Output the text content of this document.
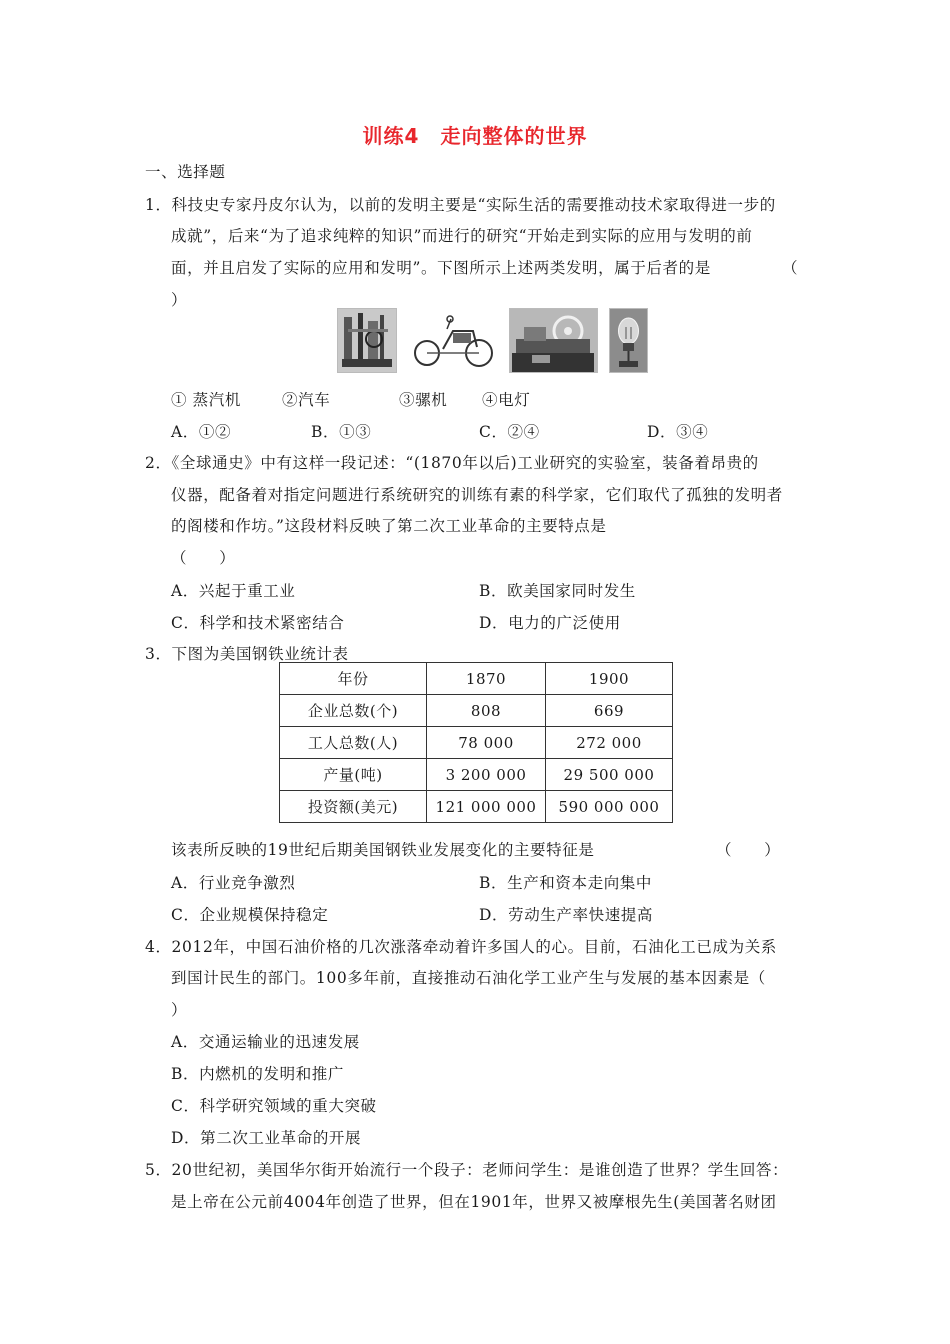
训练4　走向整体的世界
一、选择题
1．科技史专家丹皮尔认为，以前的发明主要是“实际生活的需要推动技术家取得进一步的
成就”，后来“为了追求纯粹的知识”而进行的研究“开始走到实际的应用与发明的前
面，并且启发了实际的应用和发明”。下图所示上述两类发明，属于后者的是	（
）
① 蒸汽机	②汽车	③骡机 ④电灯
A．①②	B．①③	C．②④	D．③④
2．《全球通史》中有这样一段记述：“(1870年以后)工业研究的实验室，装备着昂贵的
仪器，配备着对指定问题进行系统研究的训练有素的科学家，它们取代了孤独的发明者
的阁楼和作坊。”这段材料反映了第二次工业革命的主要特点是
（　　）
A．兴起于重工业	B．欧美国家同时发生
C．科学和技术紧密结合	D．电力的广泛使用
3．下图为美国钢铁业统计表
年份	1870	1900
企业总数(个)	808	669
工人总数(人)	78 000	272 000
产量(吨)	3 200 000	29 500 000
投资额(美元)	121 000 000	590 000 000
该表所反映的19世纪后期美国钢铁业发展变化的主要特征是	（　　）
A．行业竞争激烈	B．生产和资本走向集中
C．企业规模保持稳定	D．劳动生产率快速提高
4．2012年，中国石油价格的几次涨落牵动着许多国人的心。目前，石油化工已成为关系
到国计民生的部门。100多年前，直接推动石油化学工业产生与发展的基本因素是（
）
A．交通运输业的迅速发展
B．内燃机的发明和推广
C．科学研究领域的重大突破
D．第二次工业革命的开展
5．20世纪初，美国华尔街开始流行一个段子：老师问学生：是谁创造了世界？学生回答：
是上帝在公元前4004年创造了世界，但在1901年，世界又被摩根先生(美国著名财团
